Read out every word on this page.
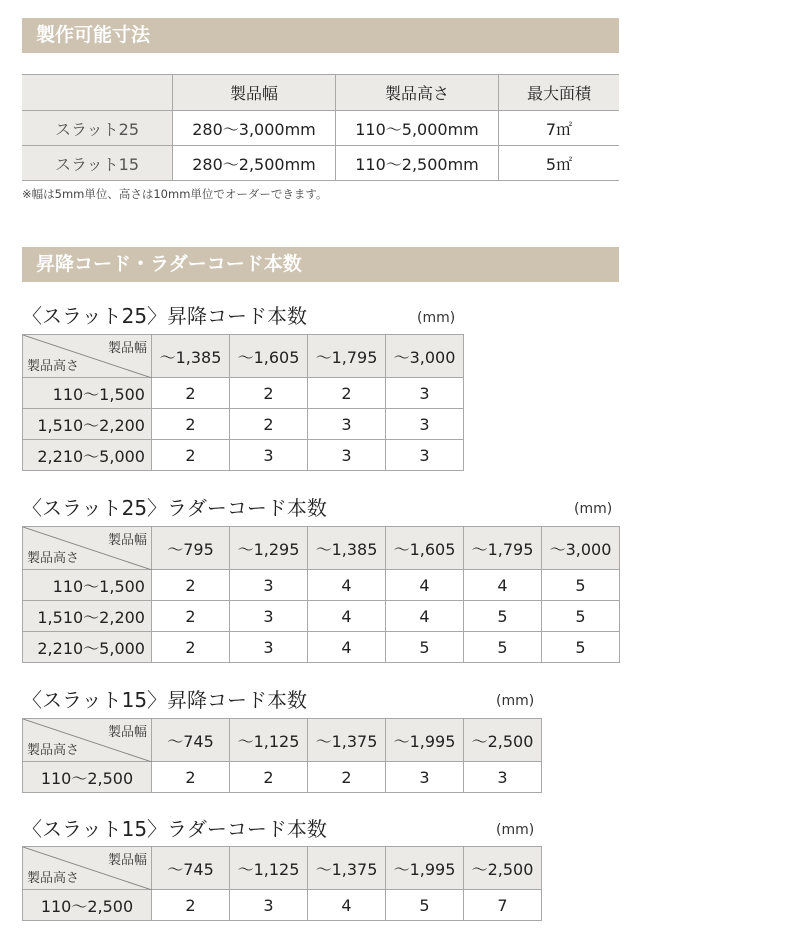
製作可能寸法
	製品幅	製品高さ	最大面積
スラット25	280〜3,000mm	110〜5,000mm	7㎡
スラット15	280〜2,500mm	110〜2,500mm	5㎡
※幅は5mm単位、高さは10mm単位でオーダーできます。
昇降コード・ラダーコード本数
〈スラット25〉昇降コード本数	(mm)
製品幅
製品高さ	〜1,385	〜1,605	〜1,795	〜3,000
110〜1,500	2	2	2	3
1,510〜2,200	2	2	3	3
2,210〜5,000	2	3	3	3
〈スラット25〉ラダーコード本数	(mm)
製品幅
製品高さ	〜795	〜1,295	〜1,385	〜1,605	〜1,795	〜3,000
110〜1,500	2	3	4	4	4	5
1,510〜2,200	2	3	4	4	5	5
2,210〜5,000	2	3	4	5	5	5
〈スラット15〉昇降コード本数	(mm)
製品幅
製品高さ	〜745	〜1,125	〜1,375	〜1,995	〜2,500
110〜2,500	2	2	2	3	3
〈スラット15〉ラダーコード本数	(mm)
製品幅
製品高さ	〜745	〜1,125	〜1,375	〜1,995	〜2,500
110〜2,500	2	3	4	5	7
